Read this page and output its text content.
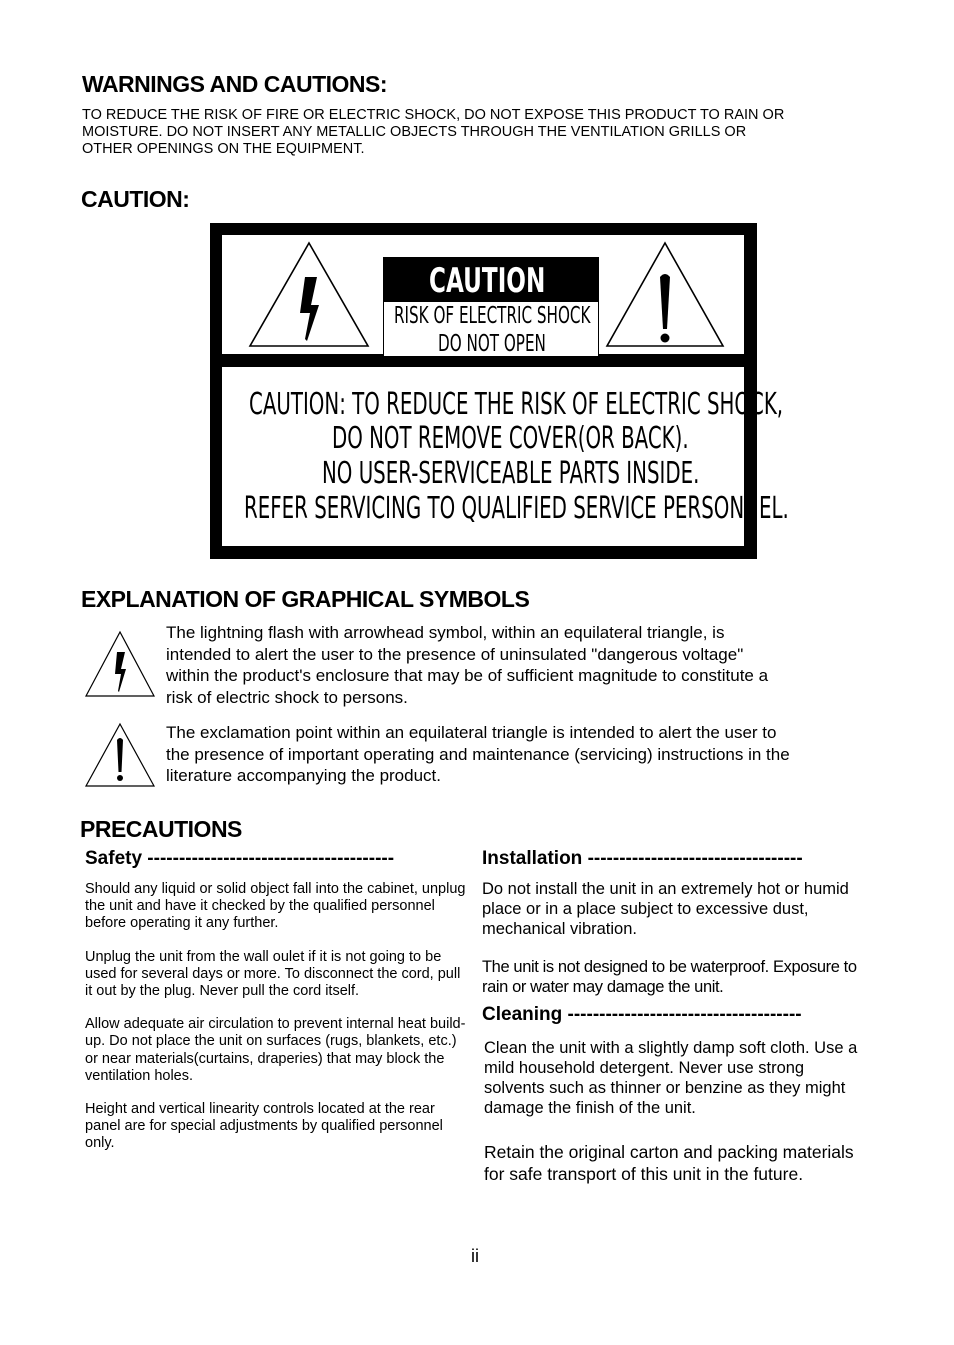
WARNINGS AND CAUTIONS:
TO REDUCE THE RISK OF FIRE OR ELECTRIC SHOCK, DO NOT EXPOSE THIS PRODUCT TO RAIN OR
MOISTURE. DO NOT INSERT ANY METALLIC OBJECTS THROUGH THE VENTILATION GRILLS OR
OTHER OPENINGS ON THE EQUIPMENT.
CAUTION:
CAUTION
RISK OF ELECTRIC SHOCK
DO NOT OPEN
CAUTION: TO REDUCE THE RISK OF ELECTRIC SHOCK,
DO NOT REMOVE COVER(OR BACK).
NO USER-SERVICEABLE PARTS INSIDE.
REFER SERVICING TO QUALIFIED SERVICE PERSONNEL.
EXPLANATION OF GRAPHICAL SYMBOLS
The lightning flash with arrowhead symbol, within an equilateral triangle, is
intended to alert the user to the presence of uninsulated "dangerous voltage"
within the product's enclosure that may be of sufficient magnitude to constitute a
risk of electric shock to persons.
The exclamation point within an equilateral triangle is intended to alert the user to
the presence of important operating and maintenance (servicing) instructions in the
literature accompanying the product.
PRECAUTIONS
Safety ---------------------------------------

Should any liquid or solid object fall into the cabinet, unplug the unit and have it checked by the qualified personnel before operating it any further.

Unplug the unit from the wall oulet if it is not going to be used for several days or more. To disconnect the cord, pull it out by the plug. Never pull the cord itself.

Allow adequate air circulation to prevent internal heat build-up. Do not place the unit on surfaces (rugs, blankets, etc.) or near materials(curtains, draperies) that may block the ventilation holes.

Height and vertical linearity controls located at the rear panel are for special adjustments by qualified personnel only.

Installation ----------------------------------

Do not install the unit in an extremely hot or humid place or in a place subject to excessive dust, mechanical vibration.

The unit is not designed to be waterproof. Exposure to rain or water may damage the unit.

Cleaning -------------------------------------

Clean the unit with a slightly damp soft cloth. Use a mild household detergent. Never use strong solvents such as thinner or benzine as they might damage the finish of the unit.

Retain the original carton and packing materials for safe transport of this unit in the future.

ii
